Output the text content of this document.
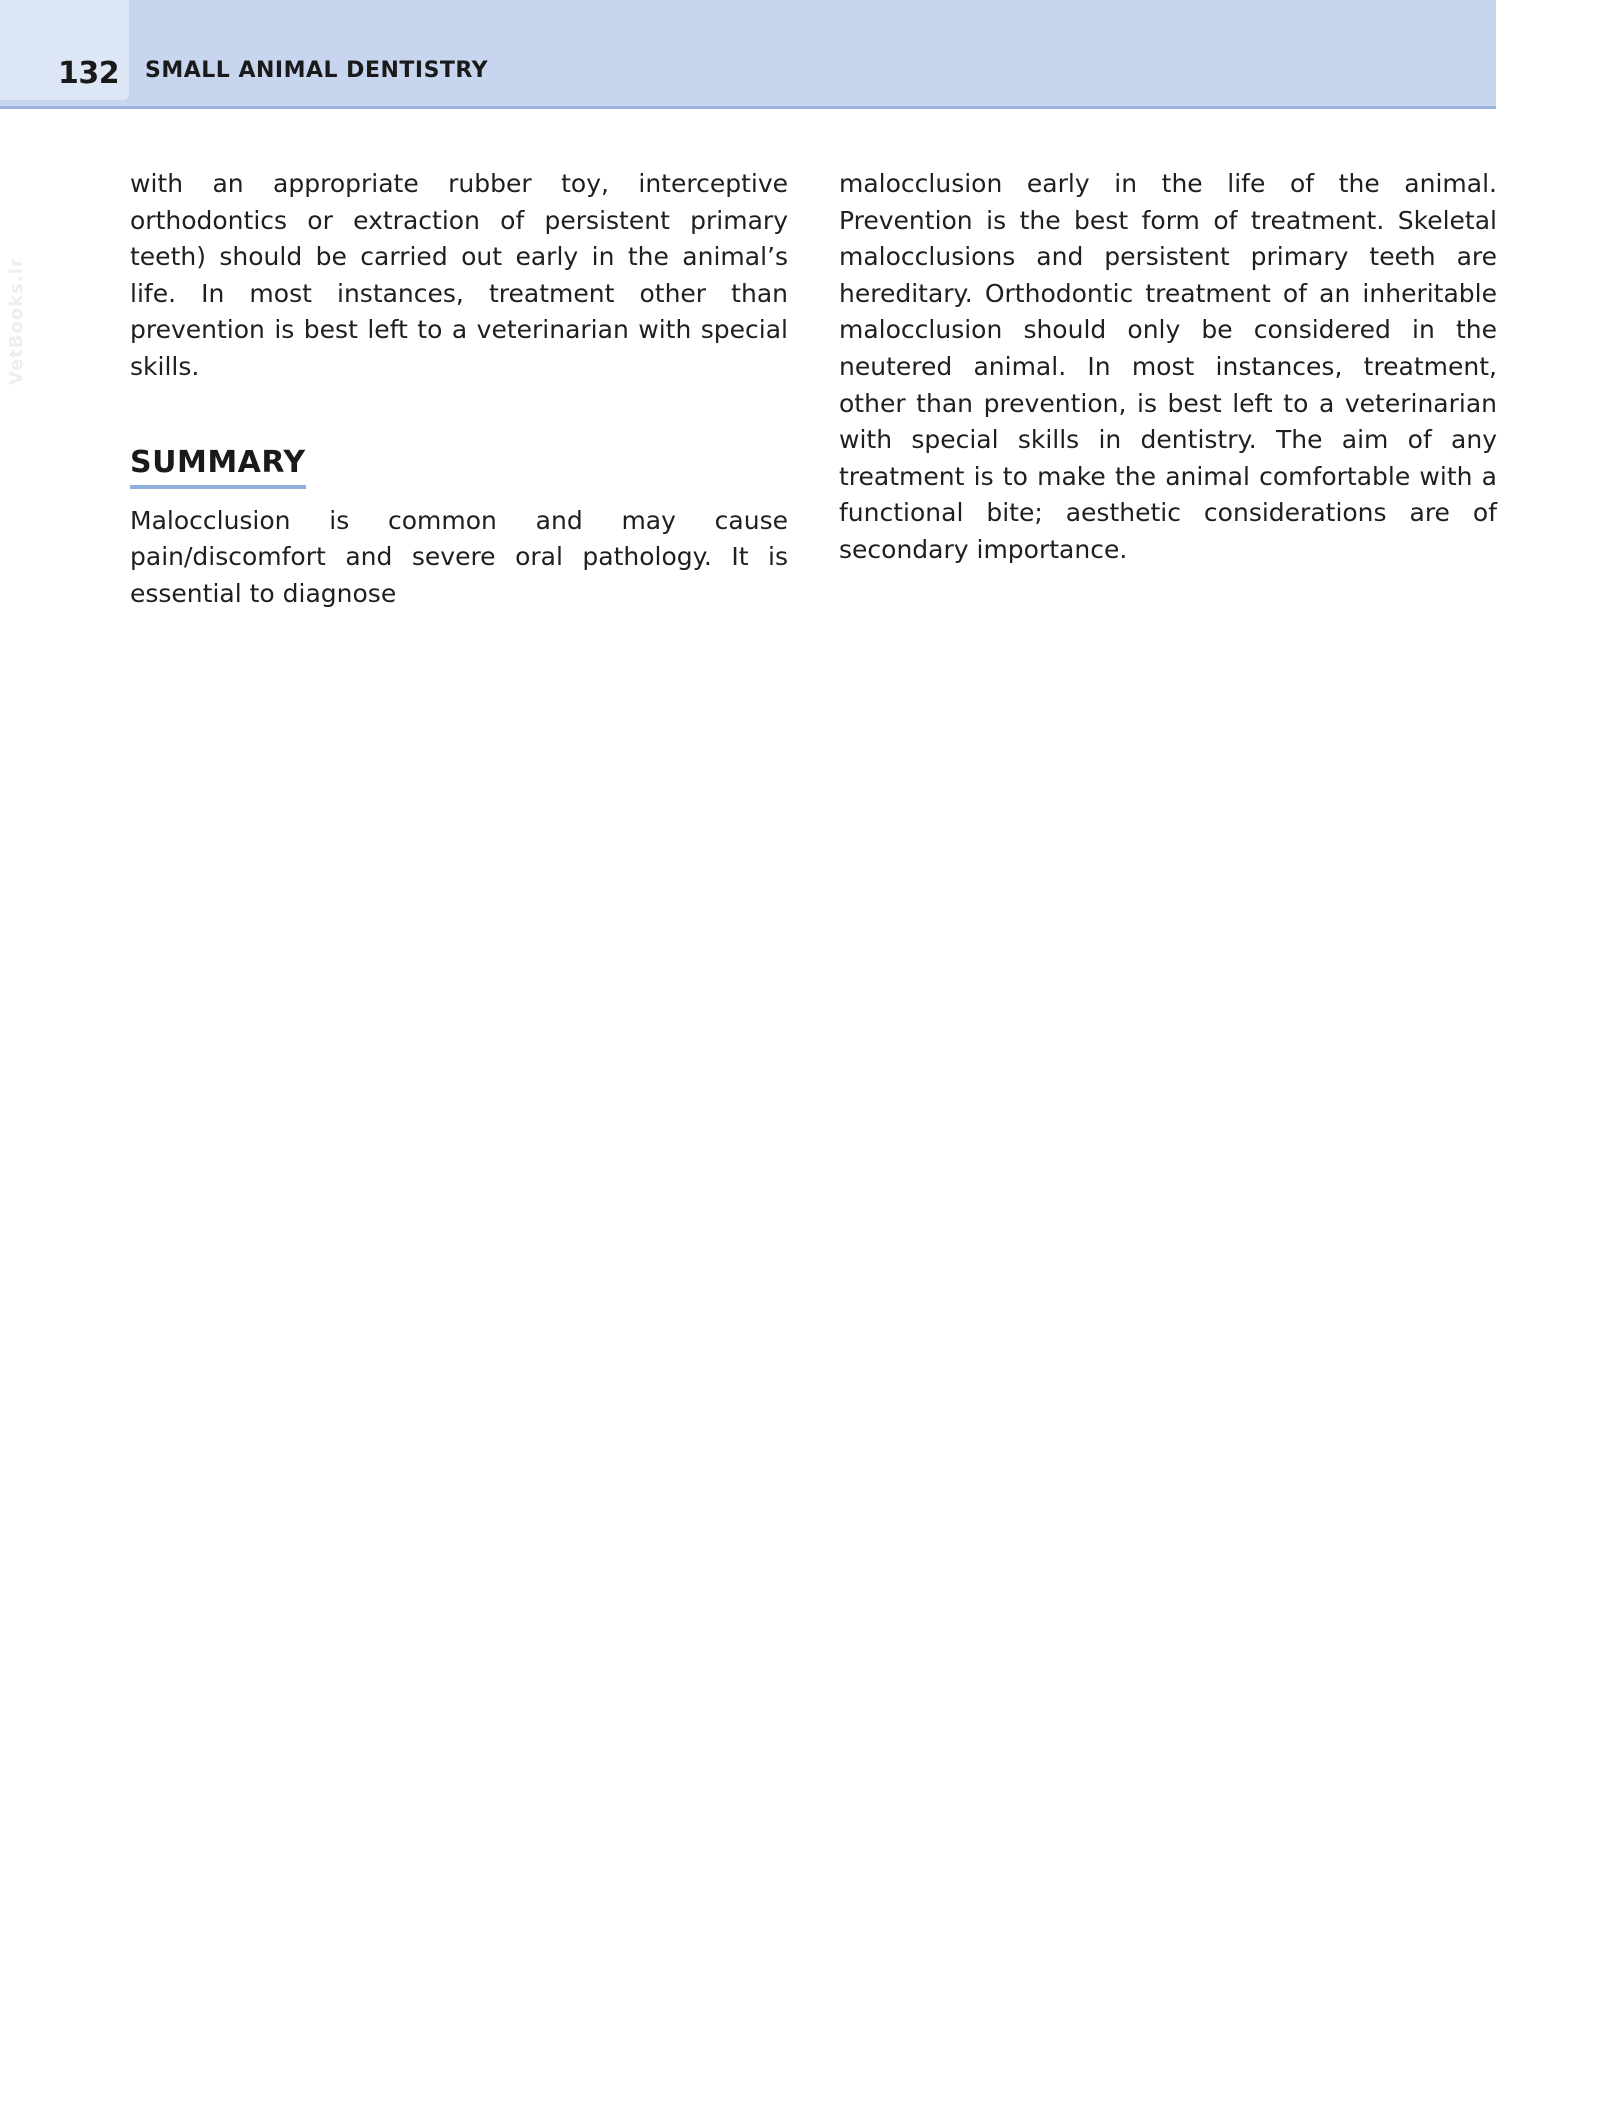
132 SMALL ANIMAL DENTISTRY
VetBooks.ir

with an appropriate rubber toy, interceptive orthodontics or extraction of persistent primary teeth) should be carried out early in the animal’s life. In most instances, treatment other than prevention is best left to a veterinarian with special skills.

SUMMARY

Malocclusion is common and may cause pain/discomfort and severe oral pathology. It is essential to diagnose

malocclusion early in the life of the animal. Prevention is the best form of treatment. Skeletal malocclusions and persistent primary teeth are hereditary. Orthodontic treatment of an inheritable malocclusion should only be considered in the neutered animal. In most instances, treatment, other than prevention, is best left to a veterinarian with special skills in dentistry. The aim of any treatment is to make the animal comfortable with a functional bite; aesthetic considerations are of secondary importance.
